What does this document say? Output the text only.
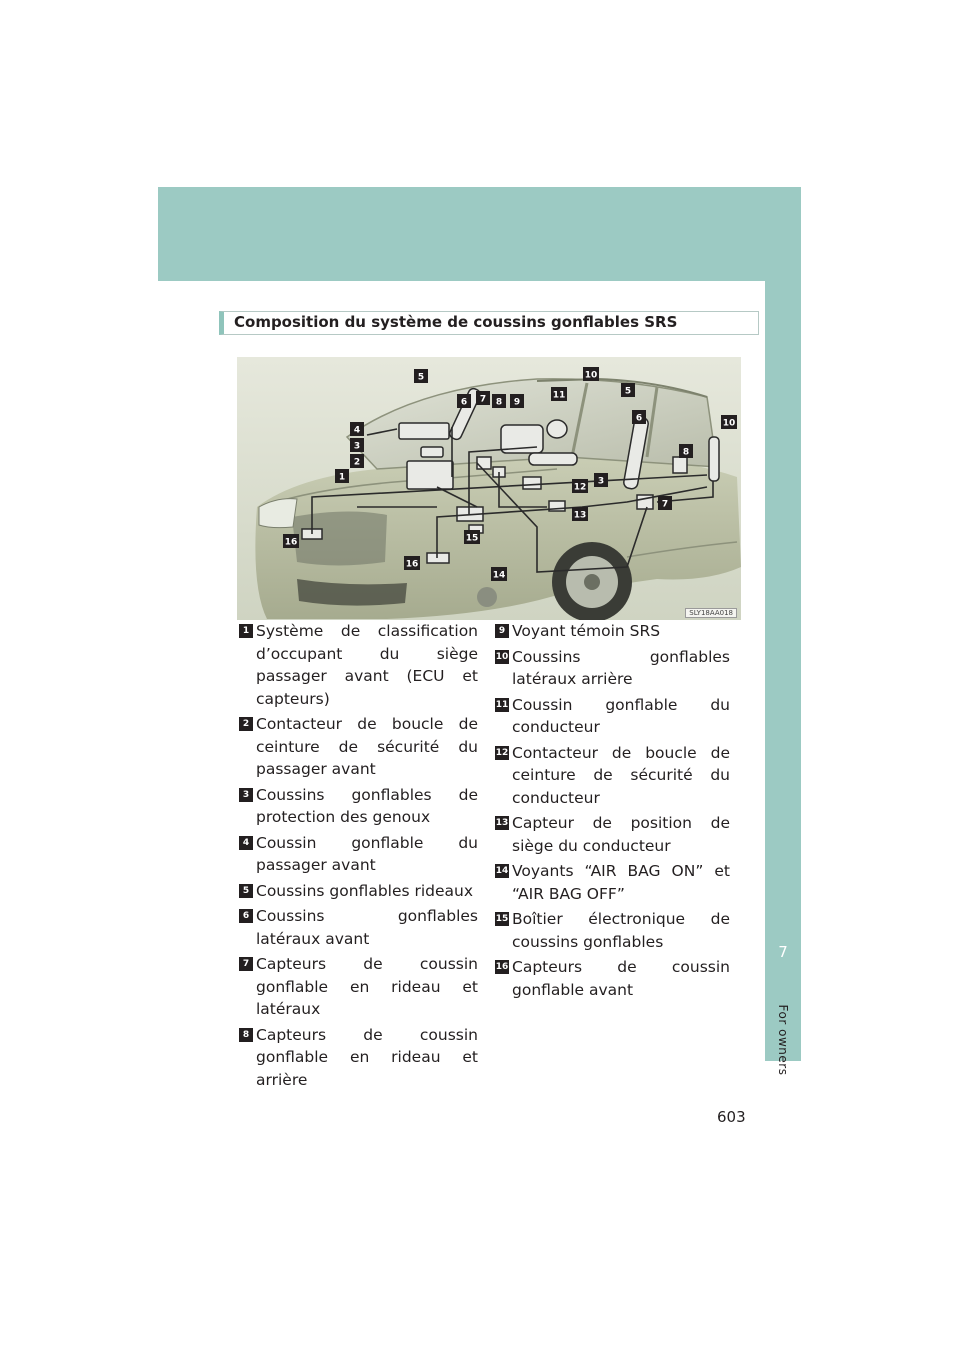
7
For owners
Composition du système de coussins gonflables SRS
5	10
11	5
6 7 8 9
6	10
4
3
2
1
8
3
12
7
13
16	15
16
14
SLY18AA018
1 Système de classification d’occupant du siège passager avant (ECU et capteurs)
2 Contacteur de boucle de ceinture de sécurité du passager avant
3 Coussins gonflables de protection des genoux
4 Coussin gonflable du passager avant
5 Coussins gonflables rideaux
6 Coussins gonflables latéraux avant
7 Capteurs de coussin gonflable en rideau et latéraux
8 Capteurs de coussin gonflable en rideau et arrière
9 Voyant témoin SRS
10 Coussins gonflables latéraux arrière
11 Coussin gonflable du conducteur
12 Contacteur de boucle de ceinture de sécurité du conducteur
13 Capteur de position de siège du conducteur
14 Voyants “AIR BAG ON” et “AIR BAG OFF”
15 Boîtier électronique de coussins gonflables
16 Capteurs de coussin gonflable avant
603
